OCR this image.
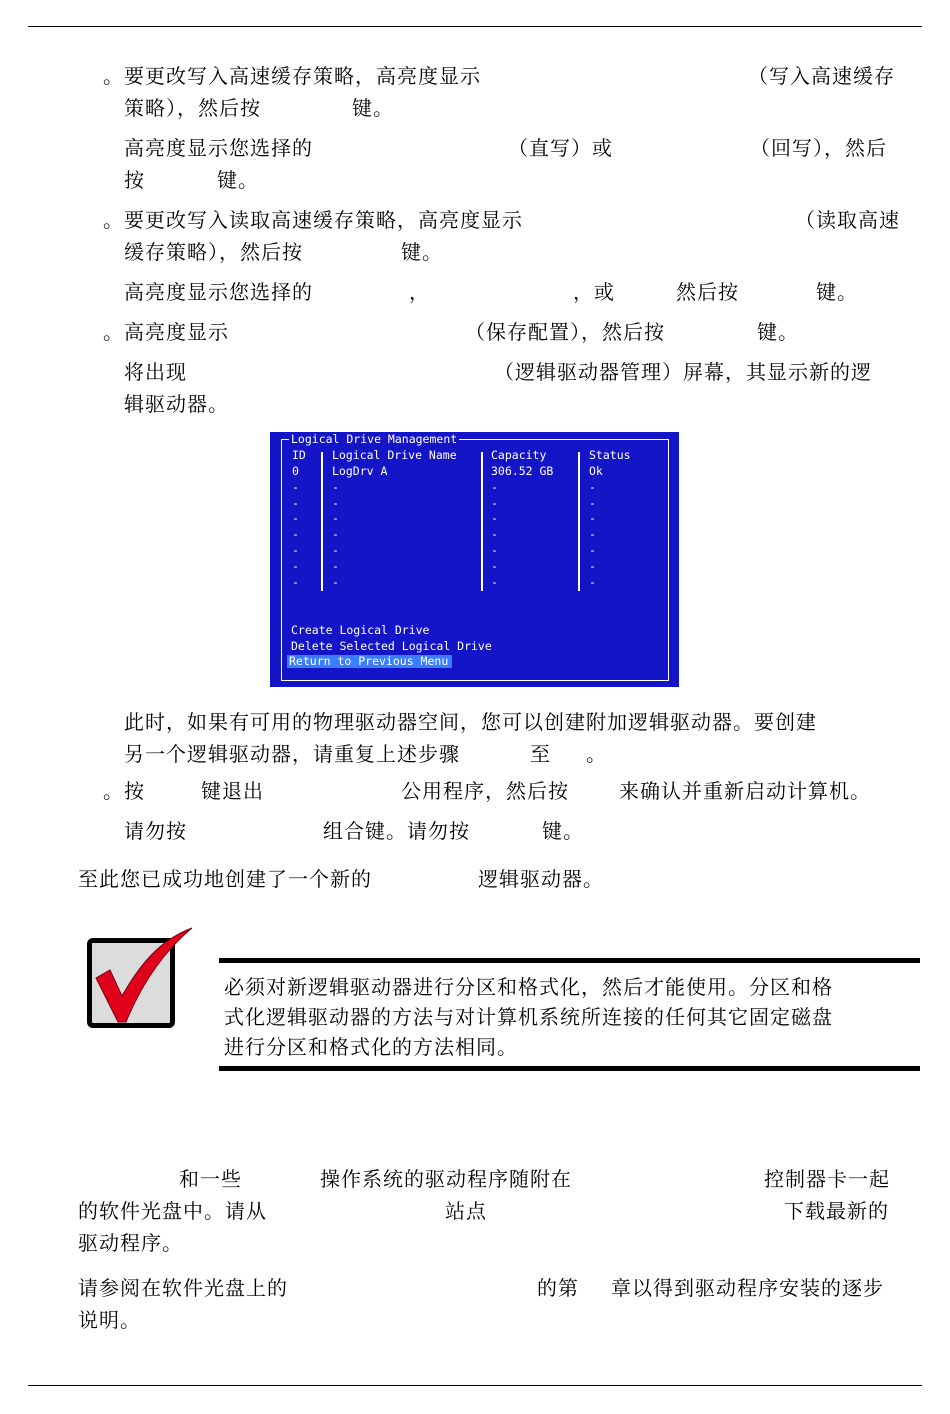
。要更改写入高速缓存策略，高亮度显示	（写入高速缓存
策略），然后按	键。
高亮度显示您选择的	（直写）或	（回写），然后
按	键。
。要更改写入读取高速缓存策略，高亮度显示	（读取高速
缓存策略），然后按	键。
高亮度显示您选择的	，	，或	然后按	键。
。高亮度显示	（保存配置），然后按	键。
将出现	（逻辑驱动器管理）屏幕，其显示新的逻
辑驱动器。
此时，如果有可用的物理驱动器空间，您可以创建附加逻辑驱动器。要创建
另一个逻辑驱动器，请重复上述步骤	至 。
。按	键退出	公用程序，然后按	来确认并重新启动计算机。
请勿按	组合键。请勿按	键。
至此您已成功地创建了一个新的	逻辑驱动器。
必须对新逻辑驱动器进行分区和格式化，然后才能使用。分区和格
式化逻辑驱动器的方法与对计算机系统所连接的任何其它固定磁盘
进行分区和格式化的方法相同。
和一些	操作系统的驱动程序随附在	控制器卡一起
的软件光盘中。请从	站点	下载最新的
驱动程序。
请参阅在软件光盘上的	的第 章以得到驱动程序安装的逐步
说明。
Logical Drive Management
ID Logical Drive Name	Capacity	Status
0	LogDrv A	306.52 GB	Ok
-	-	-	-
-	-	-	-
-	-	-	-
-	-	-	-
-	-	-	-
-	-	-	-
-	-	-	-
Create Logical Drive
Delete Selected Logical Drive
Return to Previous Menu
